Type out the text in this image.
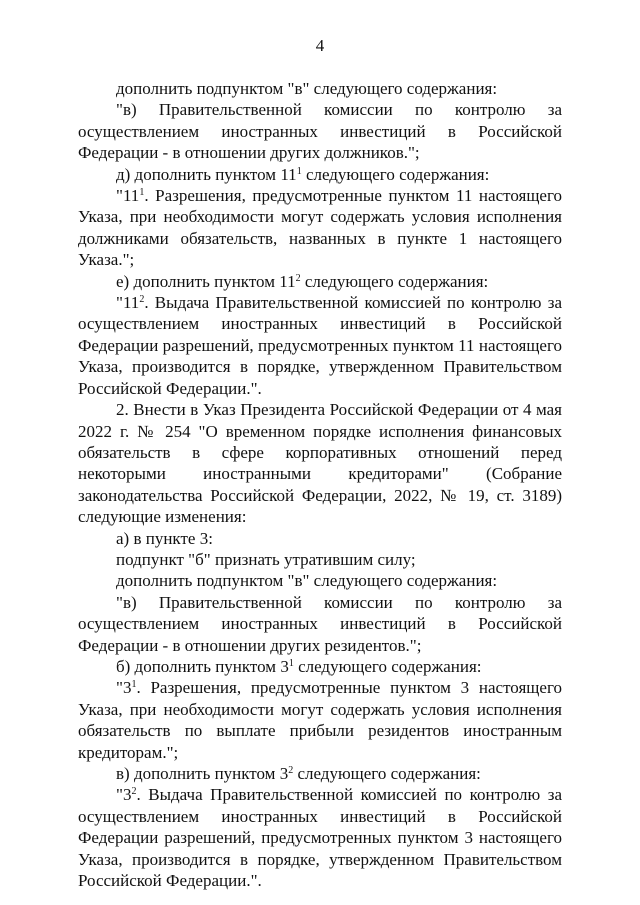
4

дополнить подпунктом "в" следующего содержания:

"в) Правительственной комиссии по контролю за осуществлением иностранных инвестиций в Российской Федерации - в отношении других должников.";

д) дополнить пунктом $11^1$ следующего содержания:

"$11^1$. Разрешения, предусмотренные пунктом 11 настоящего Указа, при необходимости могут содержать условия исполнения должниками обязательств, названных в пункте 1 настоящего Указа.";

е) дополнить пунктом $11^2$ следующего содержания:

"$11^2$. Выдача Правительственной комиссией по контролю за осуществлением иностранных инвестиций в Российской Федерации разрешений, предусмотренных пунктом 11 настоящего Указа, производится в порядке, утвержденном Правительством Российской Федерации.".

2. Внести в Указ Президента Российской Федерации от 4 мая 2022 г. № 254 "О временном порядке исполнения финансовых обязательств в сфере корпоративных отношений перед некоторыми иностранными кредиторами" (Собрание законодательства Российской Федерации, 2022, № 19, ст. 3189) следующие изменения:

а) в пункте 3:

подпункт "б" признать утратившим силу;

дополнить подпунктом "в" следующего содержания:

"в) Правительственной комиссии по контролю за осуществлением иностранных инвестиций в Российской Федерации - в отношении других резидентов.";

б) дополнить пунктом $3^1$ следующего содержания:

"$3^1$. Разрешения, предусмотренные пунктом 3 настоящего Указа, при необходимости могут содержать условия исполнения обязательств по выплате прибыли резидентов иностранным кредиторам.";

в) дополнить пунктом $3^2$ следующего содержания:

"$3^2$. Выдача Правительственной комиссией по контролю за осуществлением иностранных инвестиций в Российской Федерации разрешений, предусмотренных пунктом 3 настоящего Указа, производится в порядке, утвержденном Правительством Российской Федерации.".
